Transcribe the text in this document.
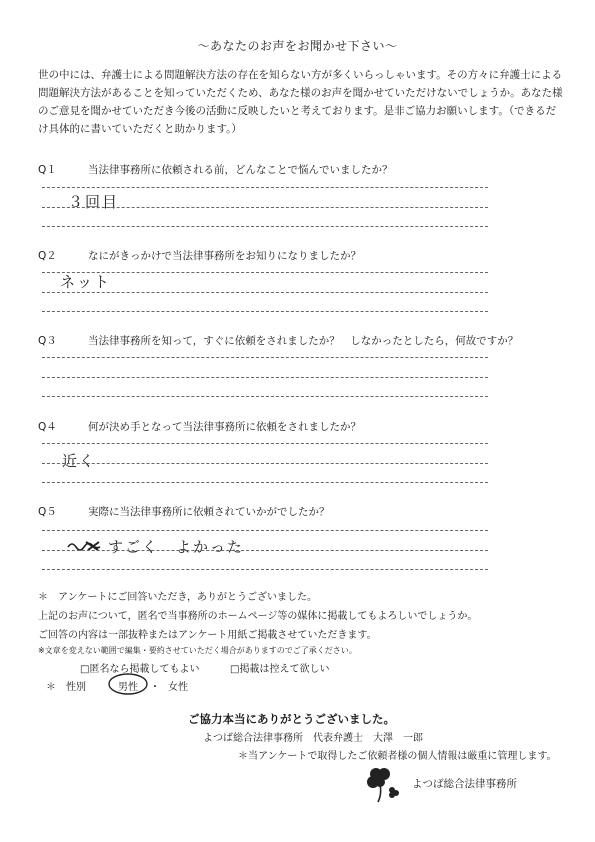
～あなたのお声をお聞かせ下さい～
世の中には、弁護士による問題解決方法の存在を知らない方が多くいらっしゃいます。その方々に弁護士による問題解決方法があることを知っていただくため、あなた様のお声を聞かせていただけないでしょうか。あなた様のご意見を聞かせていただき今後の活動に反映したいと考えております。是非ご協力お願いします。（できるだけ具体的に書いていただくと助かります。）
Q１	当法律事務所に依頼される前，どんなことで悩んでいましたか？
３回目
Q２	なにがきっかけで当法律事務所をお知りになりましたか？
ネット
Q３	当法律事務所を知って，すぐに依頼をされましたか？　しなかったとしたら，何故ですか？
Q４	何が決め手となって当法律事務所に依頼をされましたか？
近く
Q５	実際に当法律事務所に依頼されていかがでしたか？
すごく　よかった
＊　アンケートにご回答いただき，ありがとうございました。
上記のお声について，匿名で当事務所のホームページ等の媒体に掲載してもよろしいでしょうか。
ご回答の内容は一部抜粋またはアンケート用紙ご掲載させていただきます。
※文章を変えない範囲で編集・要約させていただく場合がありますのでご了承ください。
□匿名なら掲載してもよい	□掲載は控えて欲しい
＊　性別	男性 ・ 女性
ご協力本当にありがとうございました。
よつば総合法律事務所　代表弁護士　大澤　一郎
＊当アンケートで取得したご依頼者様の個人情報は厳重に管理します。
よつば総合法律事務所
